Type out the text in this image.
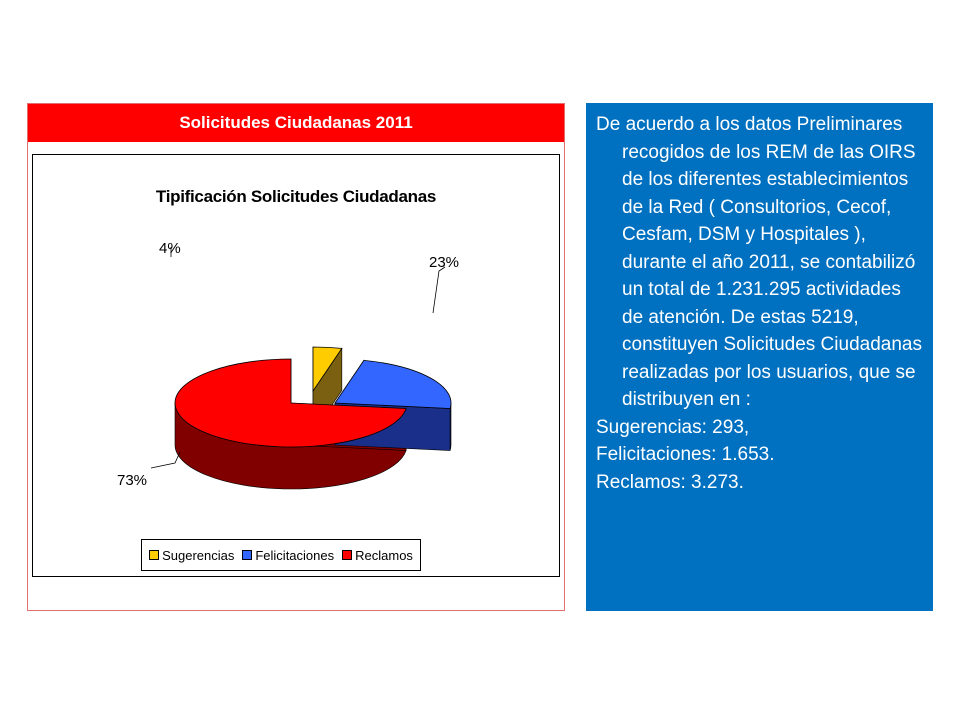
Solicitudes Ciudadanas 2011
Tipificación Solicitudes Ciudadanas
4%
23%
73%
Sugerencias Felicitaciones Reclamos

De acuerdo a los datos Preliminares recogidos de los REM de las OIRS de los diferentes establecimientos de la Red ( Consultorios, Cecof, Cesfam, DSM y Hospitales ), durante el año 2011, se contabilizó un total de 1.231.295 actividades de atención. De estas 5219, constituyen Solicitudes Ciudadanas realizadas por los usuarios, que se distribuyen en :

Sugerencias: 293,

Felicitaciones: 1.653.

Reclamos: 3.273.
